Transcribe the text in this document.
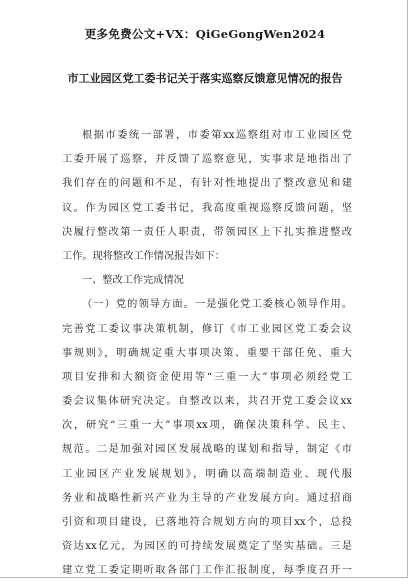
更多免费公文+VX：QiGeGongWen2024
市工业园区党工委书记关于落实巡察反馈意见情况的报告
根据市委统一部署，市委第xx巡察组对市工业园区党
工委开展了巡察，并反馈了巡察意见，实事求是地指出了
我们存在的问题和不足，有针对性地提出了整改意见和建
议。作为园区党工委书记，我高度重视巡察反馈问题，坚
决履行整改第一责任人职责，带领园区上下扎实推进整改
工作。现将整改工作情况报告如下：
一、整改工作完成情况
（一）党的领导方面。一是强化党工委核心领导作用。
完善党工委议事决策机制，修订《市工业园区党工委会议
事规则》，明确规定重大事项决策、重要干部任免、重大
项目安排和大额资金使用等“三重一大”事项必须经党工
委会议集体研究决定。自整改以来，共召开党工委会议xx
次，研究“三重一大”事项xx项，确保决策科学、民主、
规范。二是加强对园区发展战略的谋划和指导，制定《市
工业园区产业发展规划》，明确以高端制造业、现代服
务业和战略性新兴产业为主导的产业发展方向。通过招商
引资和项目建设，已落地符合规划方向的项目xx个，总投
资达xx亿元，为园区的可持续发展奠定了坚实基础。三是
建立党工委定期听取各部门工作汇报制度，每季度召开一
